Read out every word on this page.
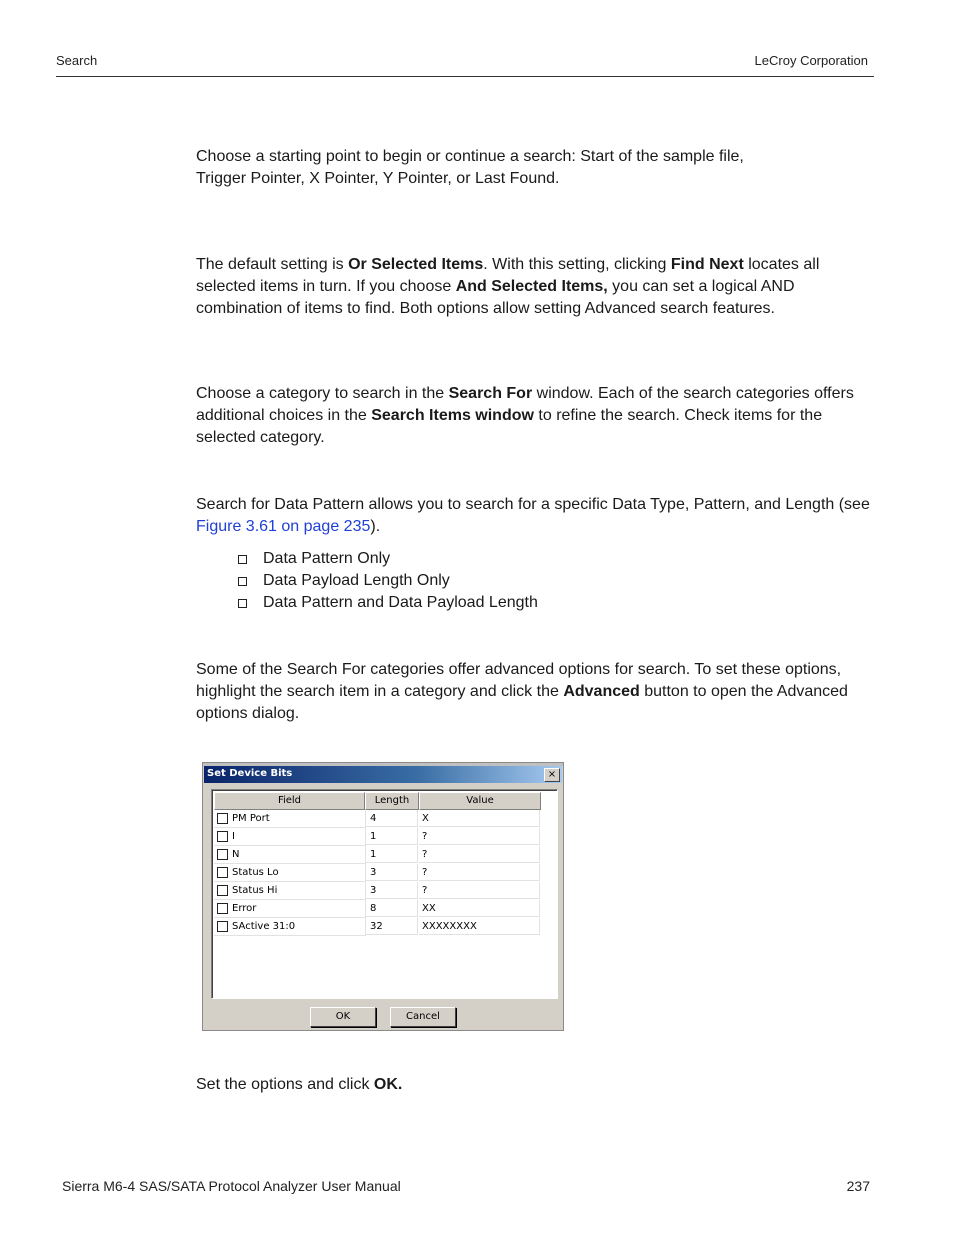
Search	LeCroy Corporation
Choose a starting point to begin or continue a search: Start of the sample file,
Trigger Pointer, X Pointer, Y Pointer, or Last Found.
The default setting is Or Selected Items. With this setting, clicking Find Next locates all selected items in turn. If you choose And Selected Items, you can set a logical AND combination of items to find. Both options allow setting Advanced search features.
Choose a category to search in the Search For window. Each of the search categories offers additional choices in the Search Items window to refine the search. Check items for the selected category.
Search for Data Pattern allows you to search for a specific Data Type, Pattern, and Length (see Figure 3.61 on page 235).
Data Pattern Only
Data Payload Length Only
Data Pattern and Data Payload Length
Some of the Search For categories offer advanced options for search. To set these options, highlight the search item in a category and click the Advanced button to open the Advanced options dialog.
Set Device Bits	×
Field	Length	Value
PM Port	4	X
I	1	?
N	1	?
Status Lo	3	?
Status Hi	3	?
Error	8	XX
SActive 31:0	32	XXXXXXXX
OK	Cancel
Set the options and click OK.
Sierra M6-4 SAS/SATA Protocol Analyzer User Manual	237
